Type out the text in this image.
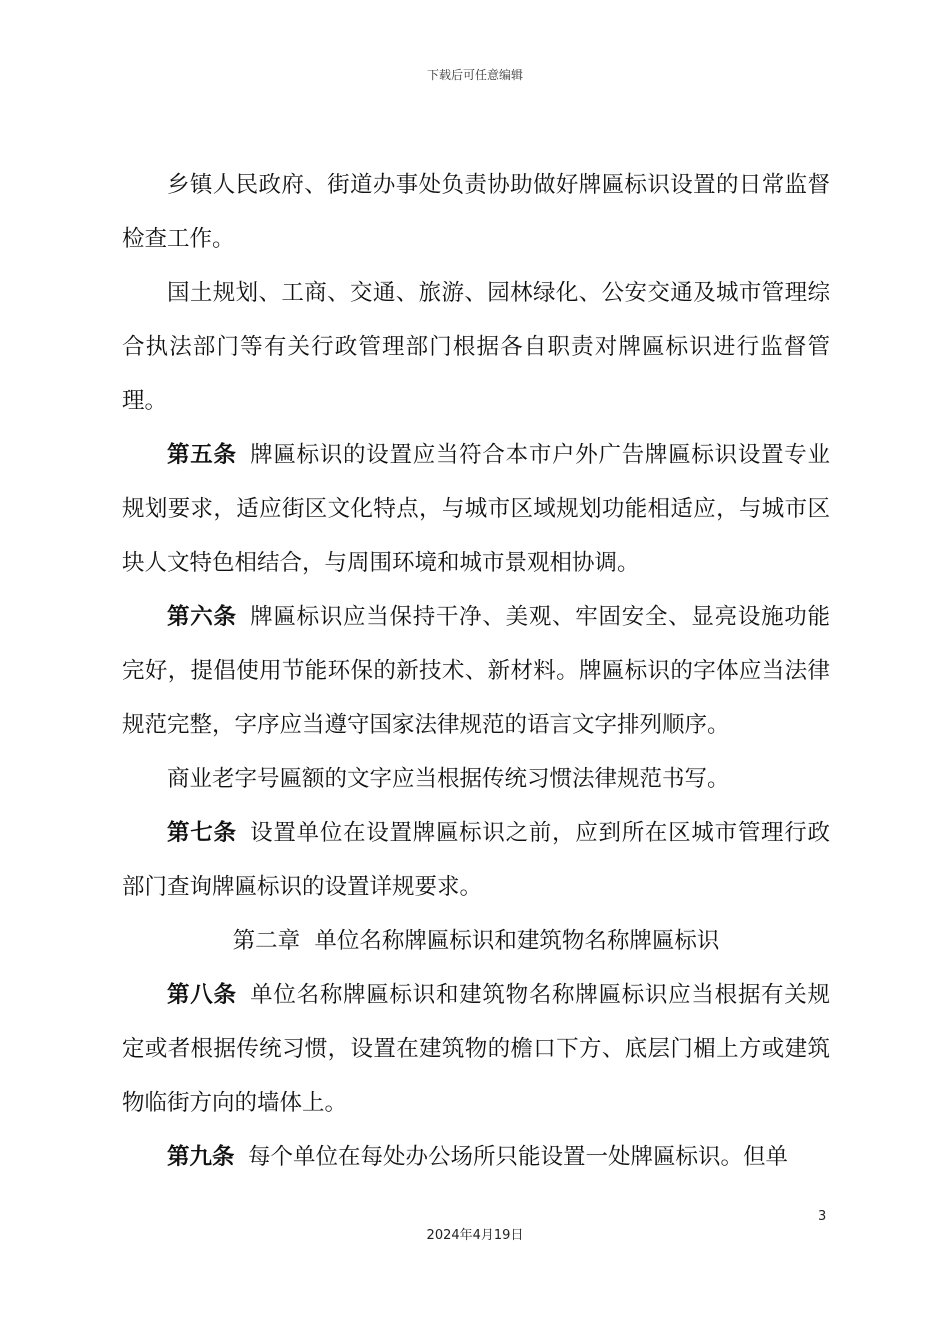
下载后可任意编辑

乡镇人民政府、街道办事处负责协助做好牌匾标识设置的日常监督检查工作。

国土规划、工商、交通、旅游、园林绿化、公安交通及城市管理综合执法部门等有关行政管理部门根据各自职责对牌匾标识进行监督管理。

第五条 牌匾标识的设置应当符合本市户外广告牌匾标识设置专业规划要求，适应街区文化特点，与城市区域规划功能相适应，与城市区块人文特色相结合，与周围环境和城市景观相协调。

第六条 牌匾标识应当保持干净、美观、牢固安全、显亮设施功能完好，提倡使用节能环保的新技术、新材料。牌匾标识的字体应当法律规范完整，字序应当遵守国家法律规范的语言文字排列顺序。

商业老字号匾额的文字应当根据传统习惯法律规范书写。

第七条 设置单位在设置牌匾标识之前，应到所在区城市管理行政部门查询牌匾标识的设置详规要求。

第二章  单位名称牌匾标识和建筑物名称牌匾标识

第八条 单位名称牌匾标识和建筑物名称牌匾标识应当根据有关规定或者根据传统习惯，设置在建筑物的檐口下方、底层门楣上方或建筑物临街方向的墙体上。

第九条 每个单位在每处办公场所只能设置一处牌匾标识。但单

3
2024年4月19日
